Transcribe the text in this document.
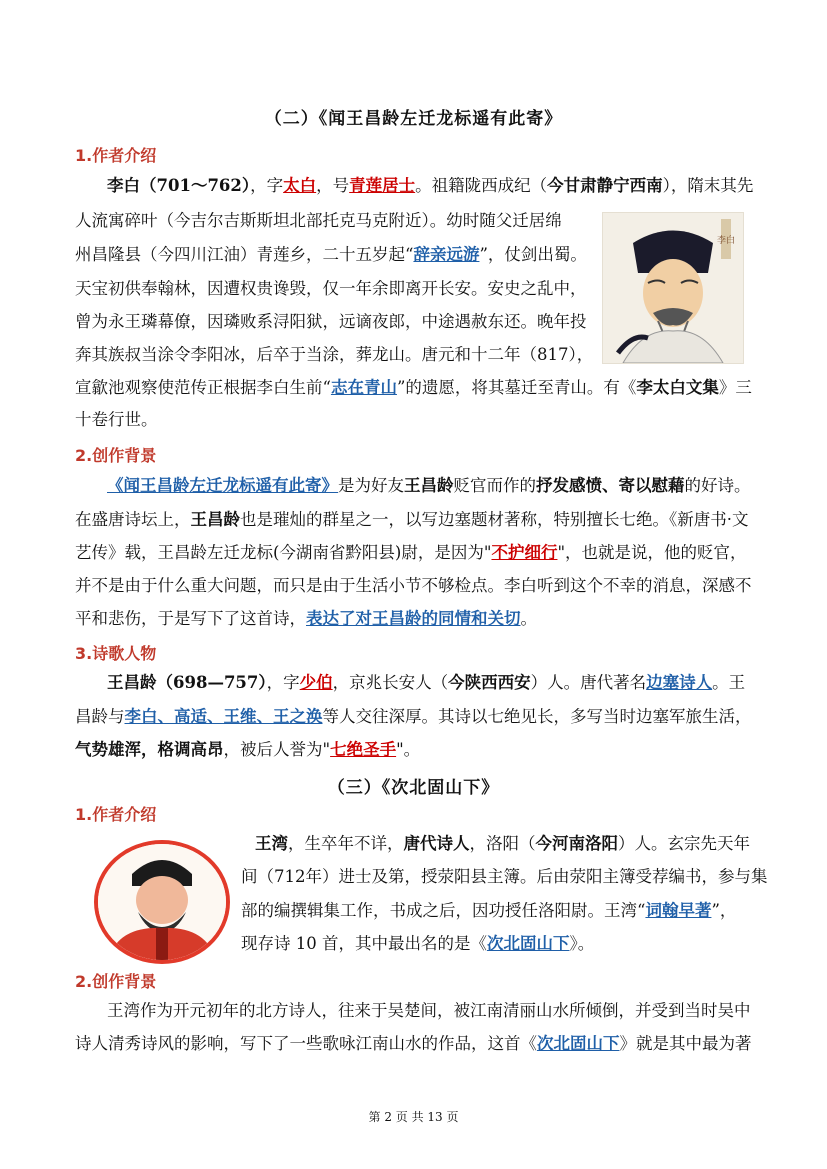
（二）《闻王昌龄左迁龙标遥有此寄》
1.作者介绍
李白（701～762），字太白，号青莲居士。祖籍陇西成纪（今甘肃静宁西南），隋末其先
人流寓碎叶（今吉尔吉斯斯坦北部托克马克附近）。幼时随父迁居绵
州昌隆县（今四川江油）青莲乡，二十五岁起“辞亲远游”，仗剑出蜀。
天宝初供奉翰林，因遭权贵谗毁，仅一年余即离开长安。安史之乱中，
曾为永王璘幕僚，因璘败系浔阳狱，远谪夜郎，中途遇赦东还。晚年投
奔其族叔当涂令李阳冰，后卒于当涂，葬龙山。唐元和十二年（817），
宣歙池观察使范传正根据李白生前“志在青山”的遗愿，将其墓迁至青山。有《李太白文集》三
十卷行世。
李白
2.创作背景
《闻王昌龄左迁龙标遥有此寄》是为好友王昌龄贬官而作的抒发感愤、寄以慰藉的好诗。
在盛唐诗坛上，王昌龄也是璀灿的群星之一，以写边塞题材著称，特别擅长七绝。《新唐书·文
艺传》载，王昌龄左迁龙标(今湖南省黔阳县)尉，是因为"不护细行"，也就是说，他的贬官，
并不是由于什么重大问题，而只是由于生活小节不够检点。李白听到这个不幸的消息，深感不
平和悲伤，于是写下了这首诗，表达了对王昌龄的同情和关切。
3.诗歌人物
王昌龄（698—757），字少伯，京兆长安人（今陕西西安）人。唐代著名边塞诗人。王
昌龄与李白、高适、王维、王之涣等人交往深厚。其诗以七绝见长，多写当时边塞军旅生活，
气势雄浑，格调高昂，被后人誉为"七绝圣手"。
（三）《次北固山下》
1.作者介绍
王湾，生卒年不详，唐代诗人，洛阳（今河南洛阳）人。玄宗先天年
间（712年）进士及第，授荥阳县主簿。后由荥阳主簿受荐编书，参与集
部的编撰辑集工作，书成之后，因功授任洛阳尉。王湾“词翰早著”，
现存诗 10 首，其中最出名的是《次北固山下》。
2.创作背景
王湾作为开元初年的北方诗人，往来于吴楚间，被江南清丽山水所倾倒，并受到当时吴中
诗人清秀诗风的影响，写下了一些歌咏江南山水的作品，这首《次北固山下》就是其中最为著
第 2 页 共 13 页
